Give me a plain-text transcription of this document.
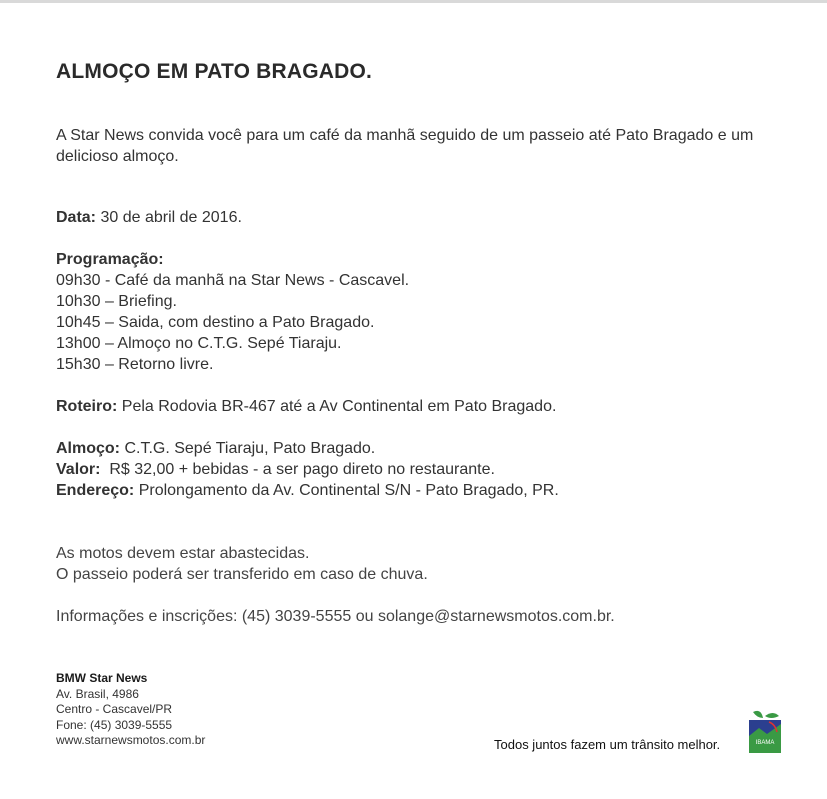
ALMOÇO EM PATO BRAGADO.

A Star News convida você para um café da manhã seguido de um passeio até Pato Bragado e um
delicioso almoço.

Data: 30 de abril de 2016.

Programação:
09h30 - Café da manhã na Star News - Cascavel.
10h30 – Briefing.
10h45 – Saida, com destino a Pato Bragado.
13h00 – Almoço no C.T.G. Sepé Tiaraju.
15h30 – Retorno livre.

Roteiro: Pela Rodovia BR-467 até a Av Continental em Pato Bragado.

Almoço: C.T.G. Sepé Tiaraju, Pato Bragado.
Valor:  R$ 32,00 + bebidas - a ser pago direto no restaurante.
Endereço: Prolongamento da Av. Continental S/N - Pato Bragado, PR.

As motos devem estar abastecidas.
O passeio poderá ser transferido em caso de chuva.

Informações e inscrições: (45) 3039-5555 ou solange@starnewsmotos.com.br.

BMW Star News
Av. Brasil, 4986
Centro - Cascavel/PR
Fone: (45) 3039-5555
www.starnewsmotos.com.br	Todos juntos fazem um trânsito melhor.	IBAMA
